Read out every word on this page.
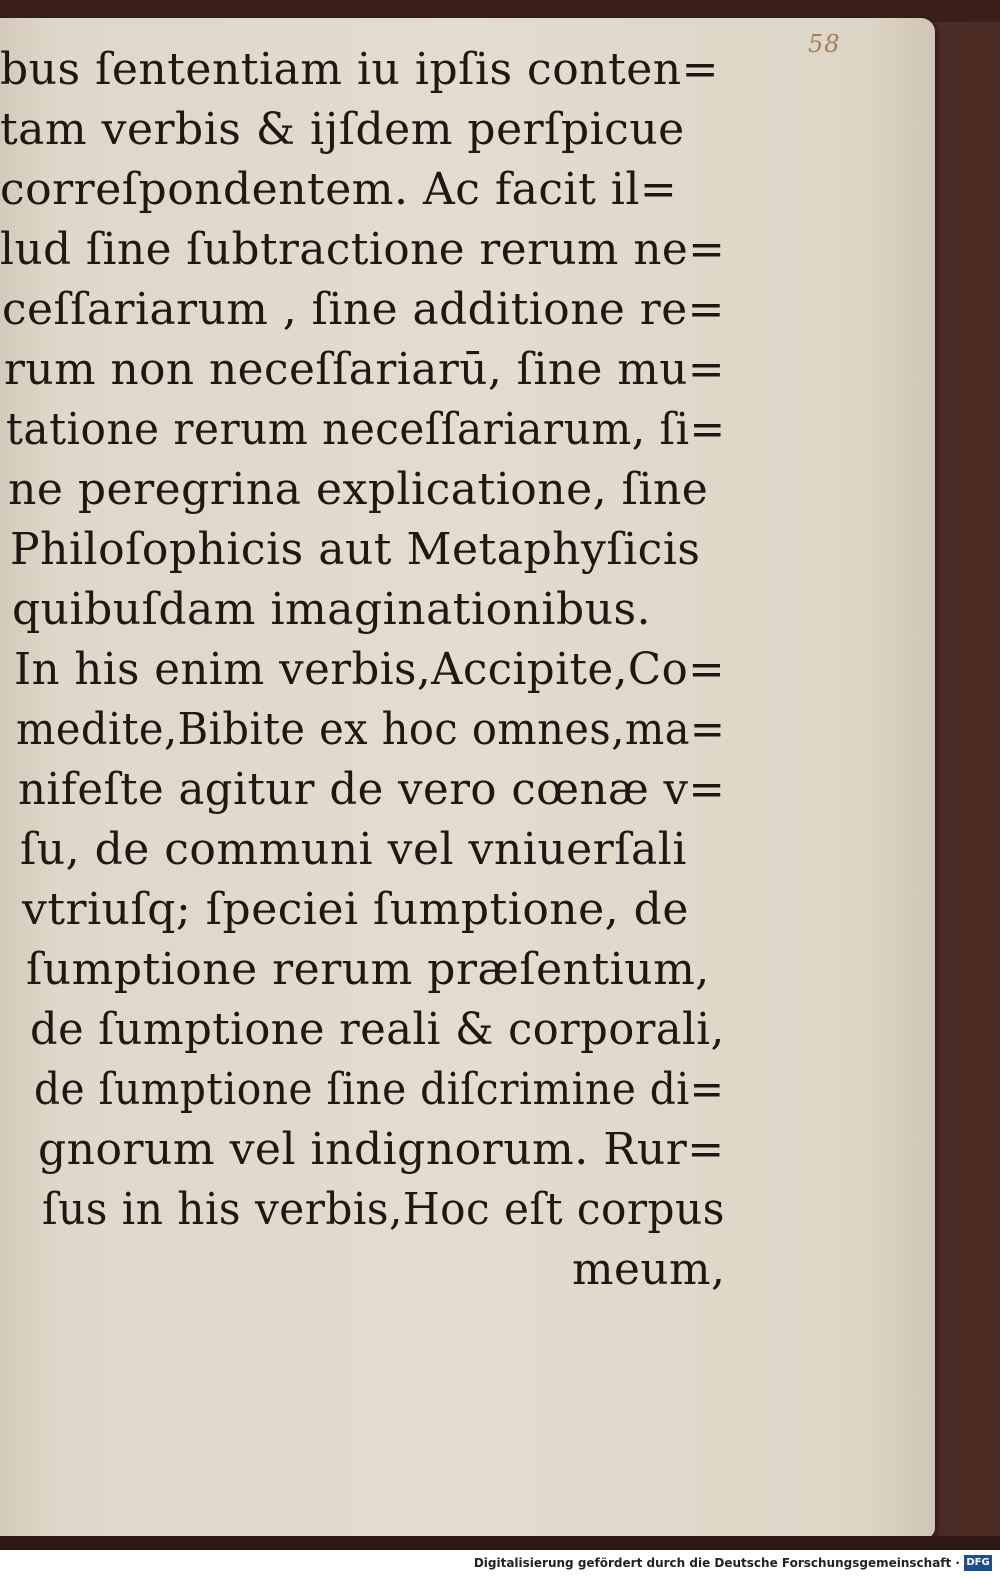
58
bus ſententiam iu ipſis conten=
tam verbis & ijſdem perſpicue
correſpondentem. Ac facit il=
lud ſine ſubtractione rerum ne=
ceſſariarum , ſine additione re=
rum non neceſſariarū, ſine mu=
tatione rerum neceſſariarum, ſi=
ne peregrina explicatione, ſine
Philoſophicis aut Metaphyſicis
quibuſdam imaginationibus.
In his enim verbis,Accipite,Co=
medite,Bibite ex hoc omnes,ma=
nifeſte agitur de vero cœnæ v=
ſu, de communi vel vniuerſali
vtriuſq; ſpeciei ſumptione, de
ſumptione rerum præſentium,
de ſumptione reali & corporali,
de ſumptione ſine diſcrimine di=
gnorum vel indignorum. Rur=
ſus in his verbis,Hoc eſt corpus
meum,
Digitalisierung gefördert durch die Deutsche Forschungsgemeinschaft · DFG
